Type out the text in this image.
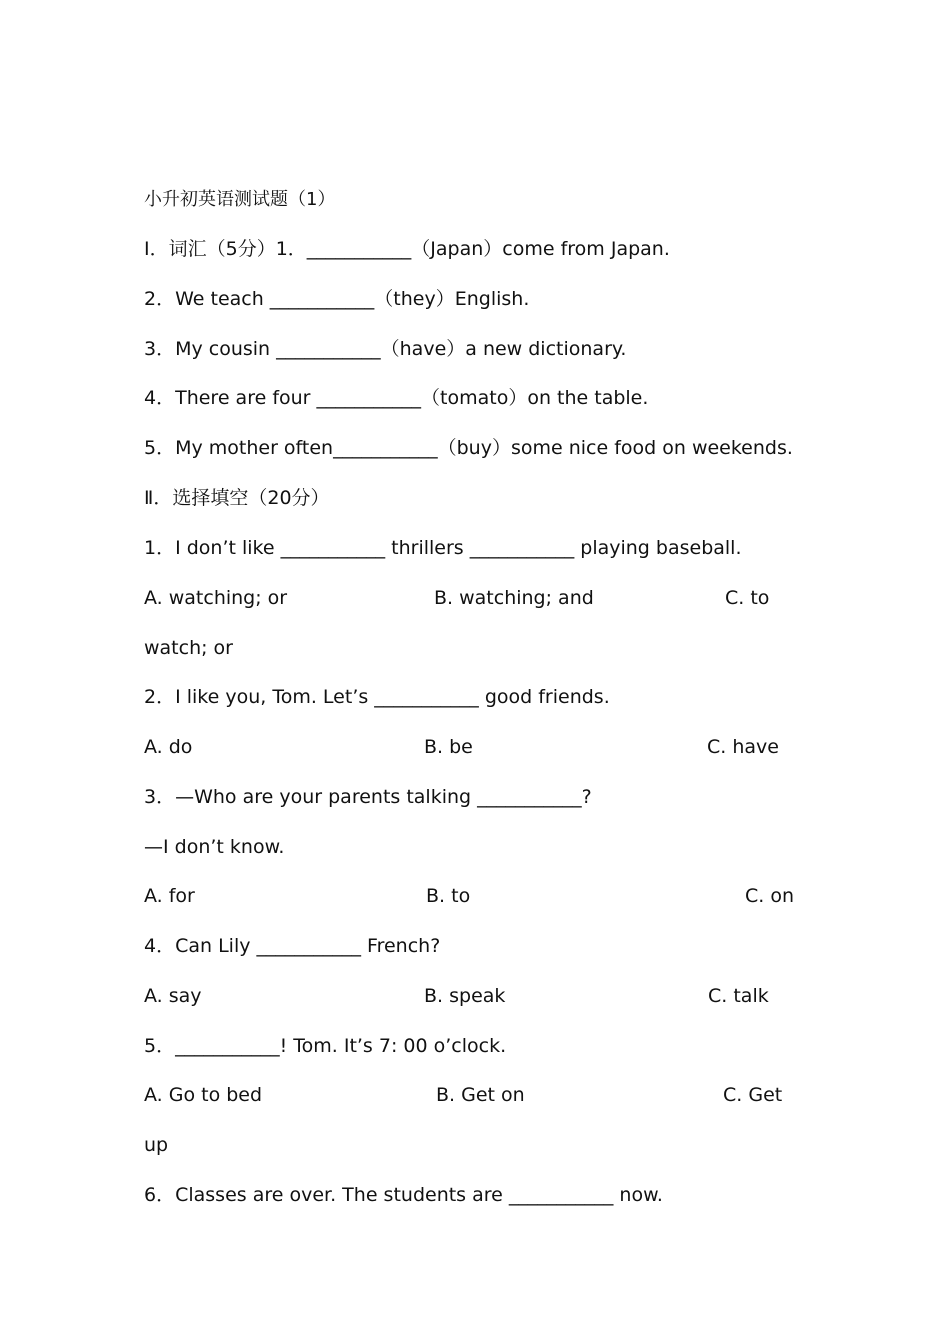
小升初英语测试题（1）
Ⅰ．词汇（5分）1．___________（Japan）come from Japan.
2．We teach ___________（they）English.
3．My cousin ___________（have）a new dictionary.
4．There are four ___________（tomato）on the table.
5．My mother often___________（buy）some nice food on weekends.
Ⅱ．选择填空（20分）
1．I don’t like ___________ thrillers ___________ playing baseball.
A. watching; or	B. watching; and	C. to
watch; or
2．I like you, Tom. Let’s ___________ good friends.
A. do	B. be	C. have
3．—Who are your parents talking ___________?
—I don’t know.
A. for	B. to	C. on
4．Can Lily ___________ French?
A. say	B. speak	C. talk
5．___________! Tom. It’s 7: 00 o’clock.
A. Go to bed	B. Get on	C. Get
up
6．Classes are over. The students are ___________ now.
